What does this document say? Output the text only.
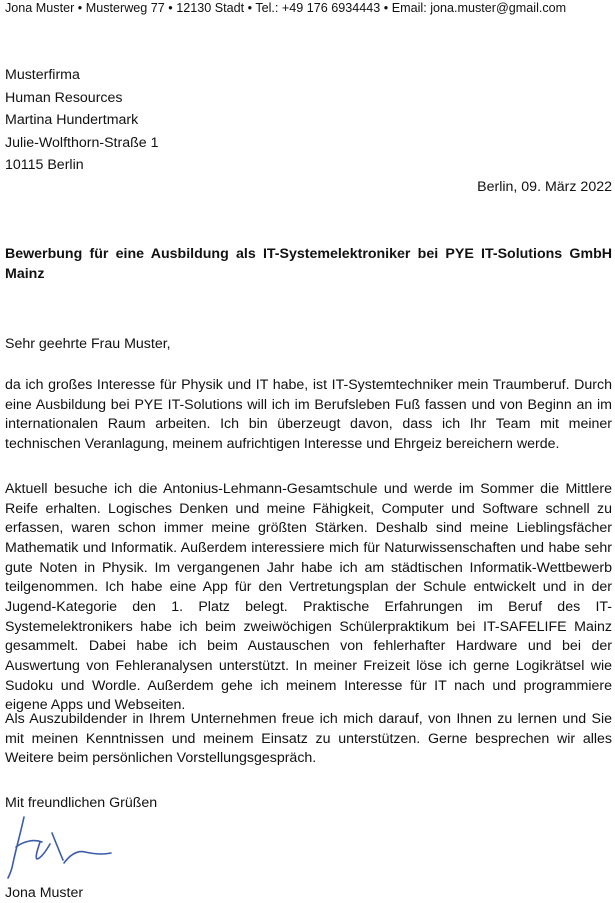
Jona Muster • Musterweg 77 • 12130 Stadt • Tel.: +49 176 6934443 • Email: jona.muster@gmail.com
Musterfirma
Human Resources
Martina Hundertmark
Julie-Wolfthorn-Straße 1
10115 Berlin
Berlin, 09. März 2022
Bewerbung für eine Ausbildung als IT-Systemelektroniker bei PYE IT-Solutions GmbH Mainz
Sehr geehrte Frau Muster,
da ich großes Interesse für Physik und IT habe, ist IT-Systemtechniker mein Traumberuf. Durch eine Ausbildung bei PYE IT-Solutions will ich im Berufsleben Fuß fassen und von Beginn an im internationalen Raum arbeiten. Ich bin überzeugt davon, dass ich Ihr Team mit meiner technischen Veranlagung, meinem aufrichtigen Interesse und Ehrgeiz bereichern werde.
Aktuell besuche ich die Antonius-Lehmann-Gesamtschule und werde im Sommer die Mittlere Reife erhalten. Logisches Denken und meine Fähigkeit, Computer und Software schnell zu erfassen, waren schon immer meine größten Stärken. Deshalb sind meine Lieblingsfächer Mathematik und Informatik. Außerdem interessiere mich für Naturwissenschaften und habe sehr gute Noten in Physik. Im vergangenen Jahr habe ich am städtischen Informatik-Wettbewerb teilgenommen. Ich habe eine App für den Vertretungsplan der Schule entwickelt und in der Jugend-Kategorie den 1. Platz belegt. Praktische Erfahrungen im Beruf des IT-Systemelektronikers habe ich beim zweiwöchigen Schülerpraktikum bei IT-SAFELIFE Mainz gesammelt. Dabei habe ich beim Austauschen von fehlerhafter Hardware und bei der Auswertung von Fehleranalysen unterstützt. In meiner Freizeit löse ich gerne Logikrätsel wie Sudoku und Wordle. Außerdem gehe ich meinem Interesse für IT nach und programmiere eigene Apps und Webseiten.
Als Auszubildender in Ihrem Unternehmen freue ich mich darauf, von Ihnen zu lernen und Sie mit meinen Kenntnissen und meinem Einsatz zu unterstützen. Gerne besprechen wir alles Weitere beim persönlichen Vorstellungsgespräch.
Mit freundlichen Grüßen
Jona Muster
